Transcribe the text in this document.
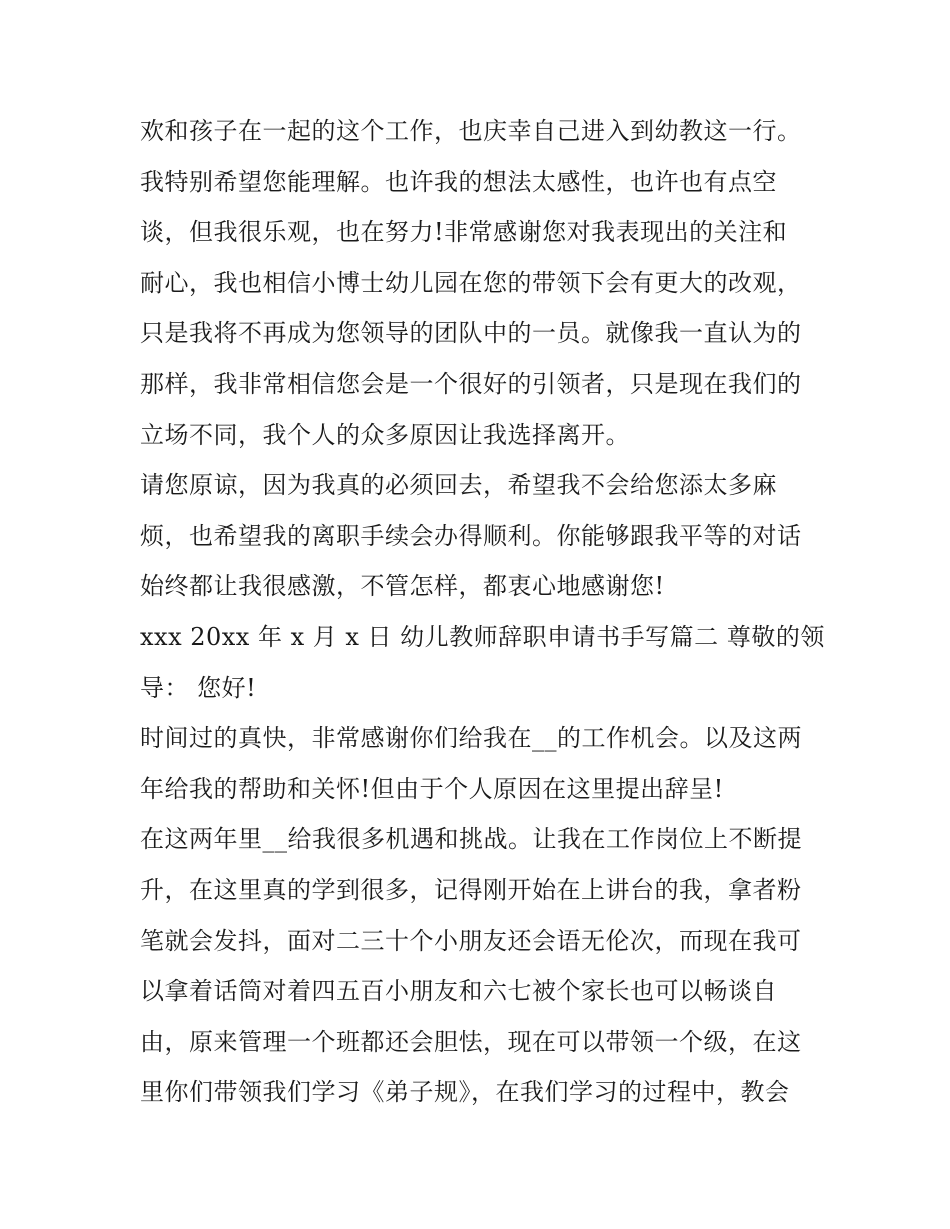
欢和孩子在一起的这个工作，也庆幸自己进入到幼教这一行。
我特别希望您能理解。也许我的想法太感性，也许也有点空
谈，但我很乐观，也在努力!非常感谢您对我表现出的关注和
耐心，我也相信小博士幼儿园在您的带领下会有更大的改观，
只是我将不再成为您领导的团队中的一员。就像我一直认为的
那样，我非常相信您会是一个很好的引领者，只是现在我们的
立场不同，我个人的众多原因让我选择离开。
请您原谅，因为我真的必须回去，希望我不会给您添太多麻
烦，也希望我的离职手续会办得顺利。你能够跟我平等的对话
始终都让我很感激，不管怎样，都衷心地感谢您!
xxx 20xx 年 x 月 x 日 幼儿教师辞职申请书手写篇二 尊敬的领
导： 您好!
时间过的真快，非常感谢你们给我在__的工作机会。以及这两
年给我的帮助和关怀!但由于个人原因在这里提出辞呈!
在这两年里__给我很多机遇和挑战。让我在工作岗位上不断提
升，在这里真的学到很多，记得刚开始在上讲台的我，拿者粉
笔就会发抖，面对二三十个小朋友还会语无伦次，而现在我可
以拿着话筒对着四五百小朋友和六七被个家长也可以畅谈自
由，原来管理一个班都还会胆怯，现在可以带领一个级，在这
里你们带领我们学习《弟子规》，在我们学习的过程中，教会
